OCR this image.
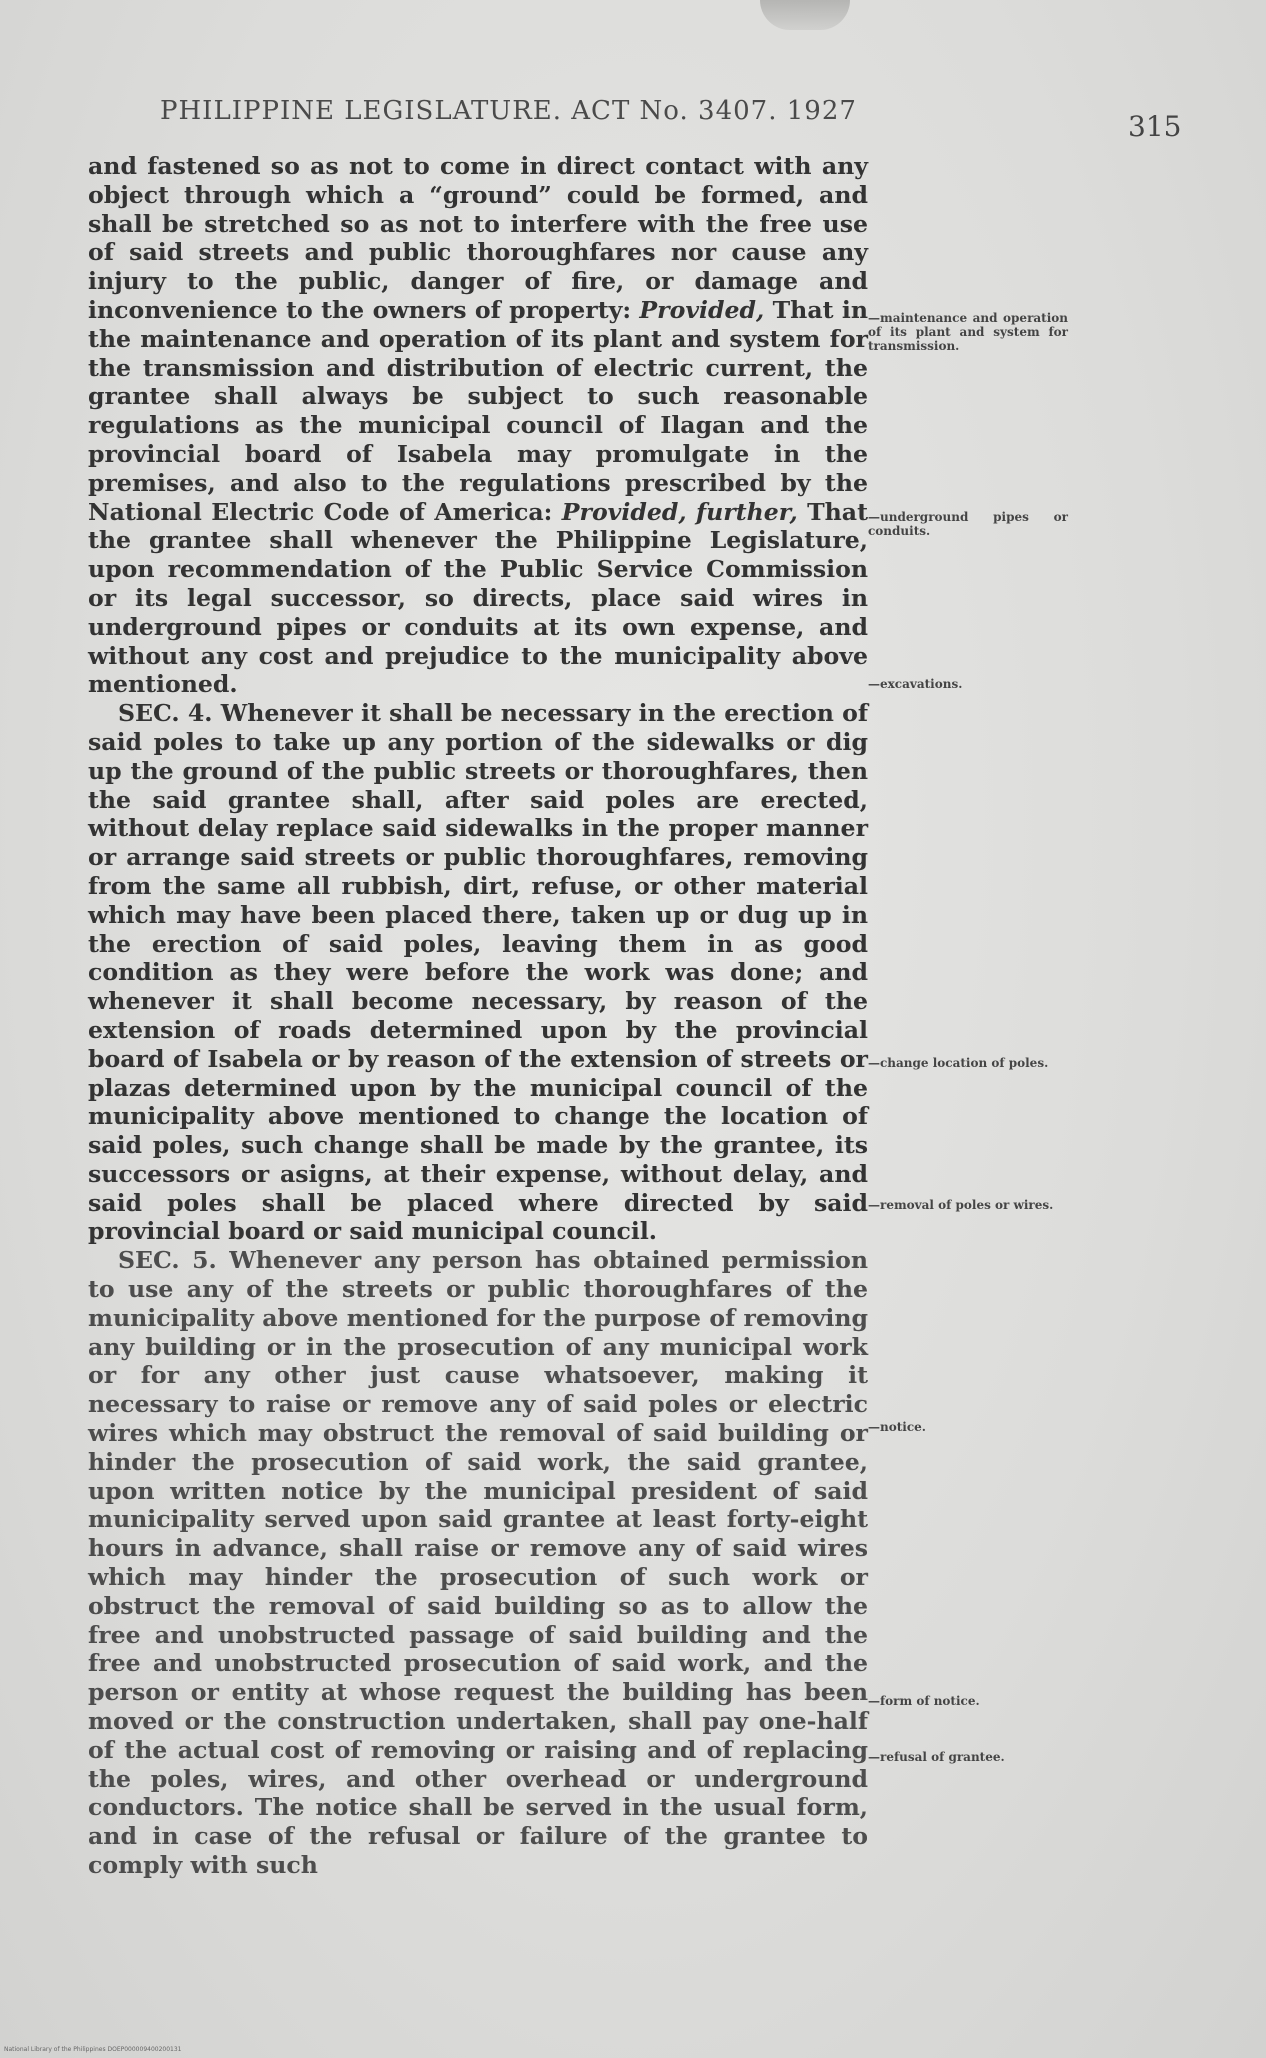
PHILIPPINE LEGISLATURE. ACT No. 3407. 1927	315

and fastened so as not to come in direct contact with any object through which a “ground” could be formed, and shall be stretched so as not to interfere with the free use of said streets and public thoroughfares nor cause any injury to the public, danger of fire, or damage and inconvenience to the owners of property: Provided, That in the maintenance and operation of its plant and system for the transmission and distribution of electric current, the grantee shall always be subject to such reasonable regulations as the municipal council of Ilagan and the provincial board of Isabela may promulgate in the premises, and also to the regulations prescribed by the National Electric Code of America: Provided, further, That the grantee shall whenever the Philippine Legislature, upon recommendation of the Public Service Commission or its legal successor, so directs, place said wires in underground pipes or conduits at its own expense, and without any cost and prejudice to the municipality above mentioned.

SEC. 4. Whenever it shall be necessary in the erection of said poles to take up any portion of the sidewalks or dig up the ground of the public streets or thoroughfares, then the said grantee shall, after said poles are erected, without delay replace said sidewalks in the proper manner or arrange said streets or public thoroughfares, removing from the same all rubbish, dirt, refuse, or other material which may have been placed there, taken up or dug up in the erection of said poles, leaving them in as good condition as they were before the work was done; and whenever it shall become necessary, by reason of the extension of roads determined upon by the provincial board of Isabela or by reason of the extension of streets or plazas determined upon by the municipal council of the municipality above mentioned to change the location of said poles, such change shall be made by the grantee, its successors or asigns, at their expense, without delay, and said poles shall be placed where directed by said provincial board or said municipal council.

SEC. 5. Whenever any person has obtained permission to use any of the streets or public thoroughfares of the municipality above mentioned for the purpose of removing any building or in the prosecution of any municipal work or for any other just cause whatsoever, making it necessary to raise or remove any of said poles or electric wires which may obstruct the removal of said building or hinder the prosecution of said work, the said grantee, upon written notice by the municipal president of said municipality served upon said grantee at least forty-eight hours in advance, shall raise or remove any of said wires which may hinder the prosecution of such work or obstruct the removal of said building so as to allow the free and unobstructed passage of said building and the free and unobstructed prosecution of said work, and the person or entity at whose request the building has been moved or the construction undertaken, shall pay one-half of the actual cost of removing or raising and of replacing the poles, wires, and other overhead or underground conductors. The notice shall be served in the usual form, and in case of the refusal or failure of the grantee to comply with such

—maintenance and operation of its plant and system for transmission.
—underground pipes or conduits.
—excavations.
—change location of poles.
—removal of poles or wires.
—notice.
—form of notice.
—refusal of grantee.
National Library of the Philippines DOEP000009400200131
